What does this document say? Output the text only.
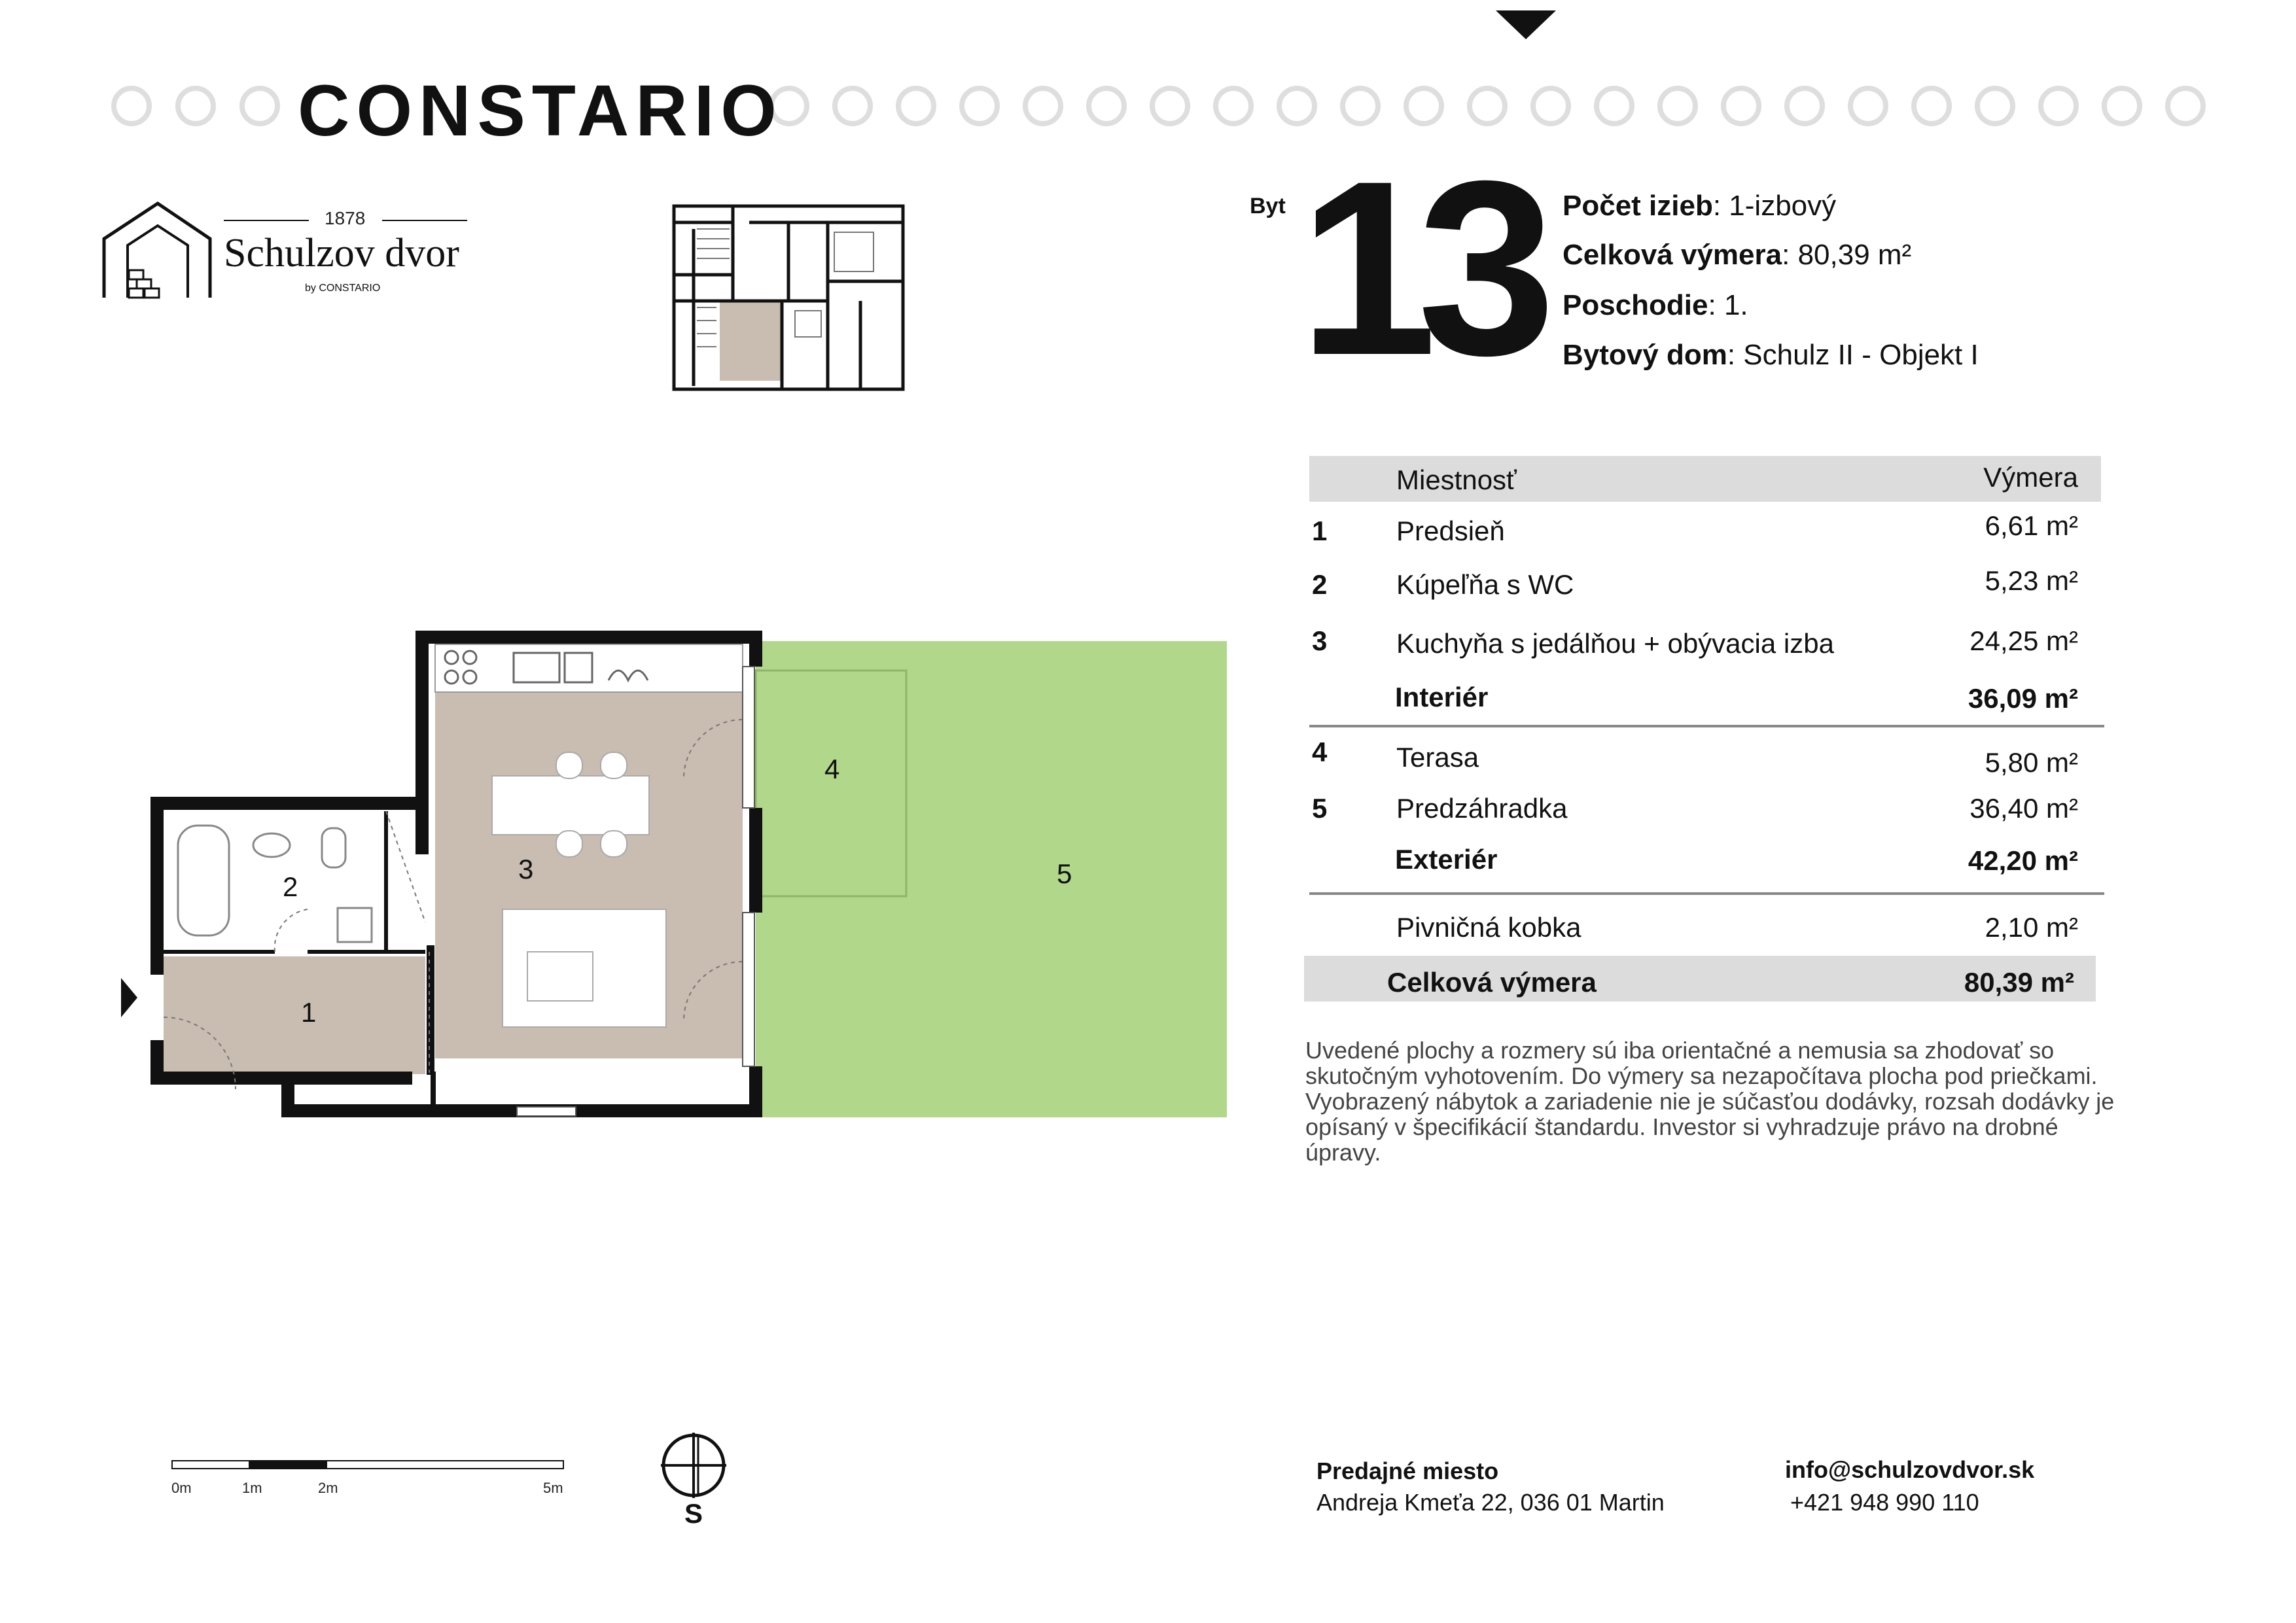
CONSTARIO
1878
Schulzov dvor
by CONSTARIO
Byt 13 Počet izieb: 1-izbový
Celková výmera: 80,39 m²
Poschodie: 1.
Bytový dom: Schulz II - Objekt I
Miestnosť	Výmera
1	Predsieň	6,61 m²
2	Kúpeľňa s WC	5,23 m²
3	Kuchyňa s jedálňou + obývacia izba	24,25 m²
Interiér	36,09 m²
4	Terasa	5,80 m²
5	Predzáhradka	36,40 m²
Exteriér	42,20 m²
Pivničná kobka	2,10 m²
Celková výmera	80,39 m²
Uvedené plochy a rozmery sú iba orientačné a nemusia sa zhodovať so skutočným vyhotovením. Do výmery sa nezapočítava plocha pod priečkami. Vyobrazený nábytok a zariadenie nie je súčasťou dodávky, rozsah dodávky je opísaný v špecifikácií štandardu. Investor si vyhradzuje právo na drobné úpravy.
1
2
3
4
5
0m	1m	2m	5m
S
Predajné miesto
Andreja Kmeťa 22, 036 01 Martin
info@schulzovdvor.sk
+421 948 990 110
